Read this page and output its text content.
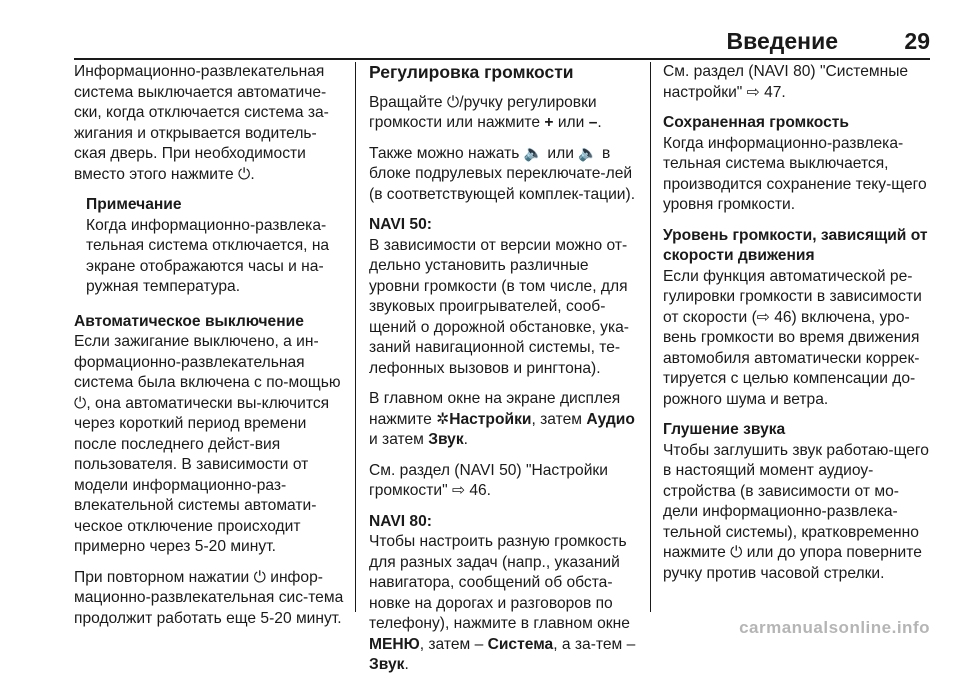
Введение	29

Информационно-развлекательная система выключается автоматиче-ски, когда отключается система за-жигания и открывается водитель-ская дверь. При необходимости вместо этого нажмите ⏻.

Примечание
Когда информационно-развлека-тельная система отключается, на экране отображаются часы и на-ружная температура.
Автоматическое выключение

Если зажигание выключено, а ин-формационно-развлекательная система была включена с по-мощью ⏻, она автоматически вы-ключится через короткий период времени после последнего дейст-вия пользователя. В зависимости от модели информационно-раз-влекательной системы автомати-ческое отключение происходит примерно через 5-20 минут.

При повторном нажатии ⏻ инфор-мационно-развлекательная сис-тема продолжит работать еще 5-20 минут.

Регулировка громкости

Вращайте ⏻/ручку регулировки громкости или нажмите + или –.

Также можно нажать 🔈 или 🔈 в блоке подрулевых переключате-лей (в соответствующей комплек-тации).

NAVI 50:

В зависимости от версии можно от-дельно установить различные уровни громкости (в том числе, для звуковых проигрывателей, сооб-щений о дорожной обстановке, ука-заний навигационной системы, те-лефонных вызовов и рингтона).

В главном окне на экране дисплея нажмите ✲Настройки, затем Аудио и затем Звук.

См. раздел (NAVI 50) "Настройки громкости" ⇨ 46.

NAVI 80:

Чтобы настроить разную громкость для разных задач (напр., указаний навигатора, сообщений об обста-новке на дорогах и разговоров по телефону), нажмите в главном окне МЕНЮ, затем – Система, а за-тем – Звук.

См. раздел (NAVI 80) "Системные настройки" ⇨ 47.

Сохраненная громкость

Когда информационно-развлека-тельная система выключается, производится сохранение теку-щего уровня громкости.

Уровень громкости, зависящий от скорости движения

Если функция автоматической ре-гулировки громкости в зависимости от скорости (⇨ 46) включена, уро-вень громкости во время движения автомобиля автоматически коррек-тируется с целью компенсации до-рожного шума и ветра.

Глушение звука

Чтобы заглушить звук работаю-щего в настоящий момент аудиоу-стройства (в зависимости от мо-дели информационно-развлека-тельной системы), кратковременно нажмите ⏻ или до упора поверните ручку против часовой стрелки.

carmanualsonline.info
